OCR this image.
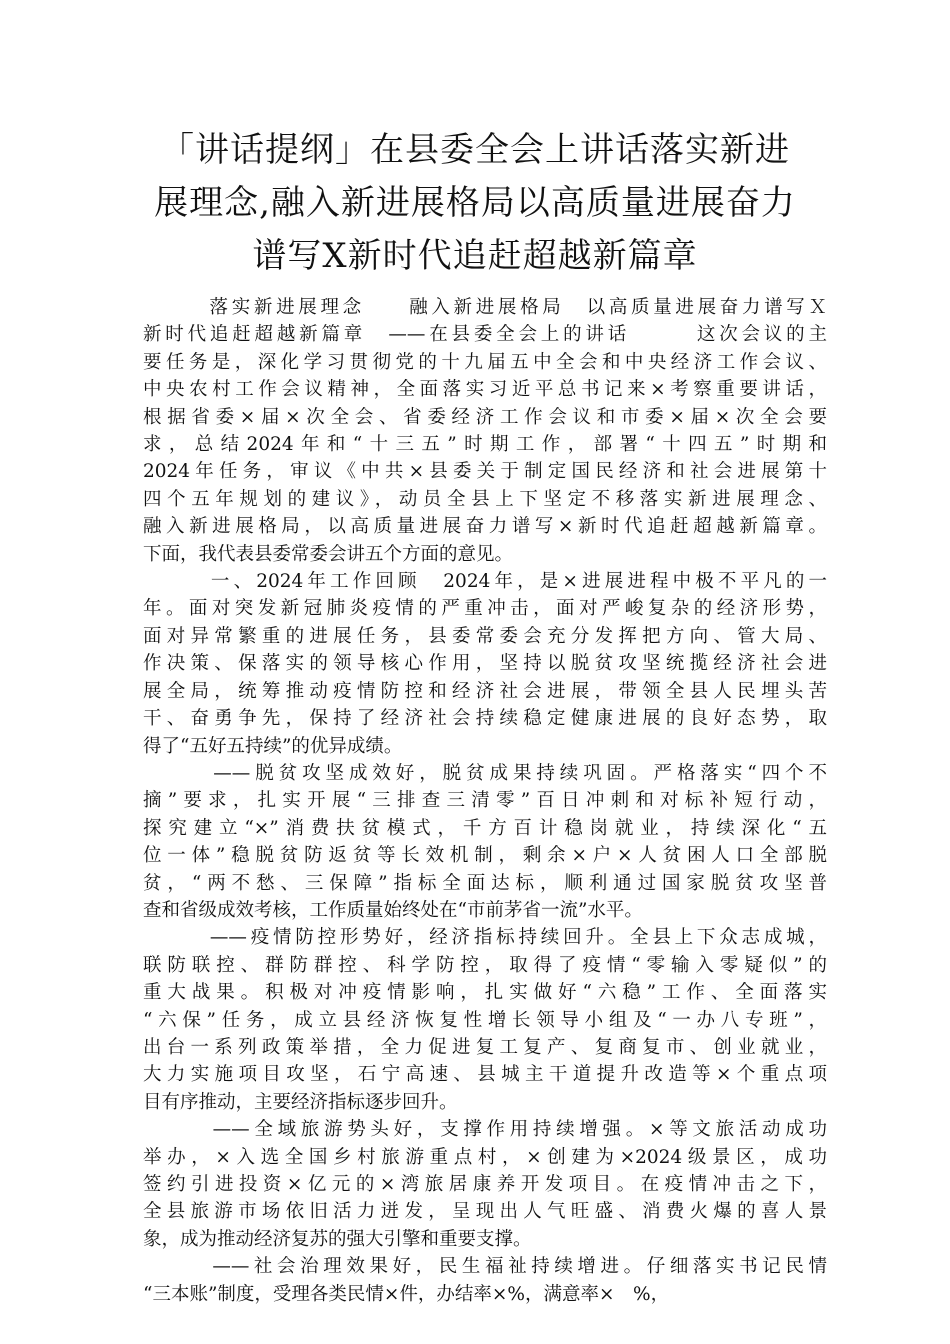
「讲话提纲」在县委全会上讲话落实新进
展理念,融入新进展格局以高质量进展奋力
谱写X新时代追赶超越新篇章

　　　落实新进展理念　　融入新进展格局　以高质量进展奋力谱写Ｘ
新时代追赶超越新篇章　——在县委全会上的讲话　　　这次会议的主
要任务是，深化学习贯彻党的十九届五中全会和中央经济工作会议、
中央农村工作会议精神，全面落实习近平总书记来×考察重要讲话，
根据省委×届×次全会、省委经济工作会议和市委×届×次全会要
求，总结2024年和“十三五”时期工作，部署“十四五”时期和
2024年任务，审议《中共×县委关于制定国民经济和社会进展第十
四个五年规划的建议》，动员全县上下坚定不移落实新进展理念、
融入新进展格局，以高质量进展奋力谱写×新时代追赶超越新篇章。
下面，我代表县委常委会讲五个方面的意见。

　　　一、2024年工作回顾　2024年，是×进展进程中极不平凡的一
年。面对突发新冠肺炎疫情的严重冲击，面对严峻复杂的经济形势，
面对异常繁重的进展任务，县委常委会充分发挥把方向、管大局、
作决策、保落实的领导核心作用，坚持以脱贫攻坚统揽经济社会进
展全局，统筹推动疫情防控和经济社会进展，带领全县人民埋头苦
干、奋勇争先，保持了经济社会持续稳定健康进展的良好态势，取
得了“五好五持续”的优异成绩。

　　　——脱贫攻坚成效好，脱贫成果持续巩固。严格落实“四个不
摘”要求，扎实开展“三排查三清零”百日冲刺和对标补短行动，
探究建立“×”消费扶贫模式，千方百计稳岗就业，持续深化“五
位一体”稳脱贫防返贫等长效机制，剩余×户×人贫困人口全部脱
贫，“两不愁、三保障”指标全面达标，顺利通过国家脱贫攻坚普
查和省级成效考核，工作质量始终处在“市前茅省一流”水平。

　　　——疫情防控形势好，经济指标持续回升。全县上下众志成城，
联防联控、群防群控、科学防控，取得了疫情“零输入零疑似”的
重大战果。积极对冲疫情影响，扎实做好“六稳”工作、全面落实
“六保”任务，成立县经济恢复性增长领导小组及“一办八专班”，
出台一系列政策举措，全力促进复工复产、复商复市、创业就业，
大力实施项目攻坚，石宁高速、县城主干道提升改造等×个重点项
目有序推动，主要经济指标逐步回升。

　　　——全域旅游势头好，支撑作用持续增强。×等文旅活动成功
举办，×入选全国乡村旅游重点村，×创建为×2024级景区，成功
签约引进投资×亿元的×湾旅居康养开发项目。在疫情冲击之下，
全县旅游市场依旧活力迸发，呈现出人气旺盛、消费火爆的喜人景
象，成为推动经济复苏的强大引擎和重要支撑。

　　　——社会治理效果好，民生福祉持续增进。仔细落实书记民情
“三本账”制度，受理各类民情×件，办结率×%，满意率×　%，
